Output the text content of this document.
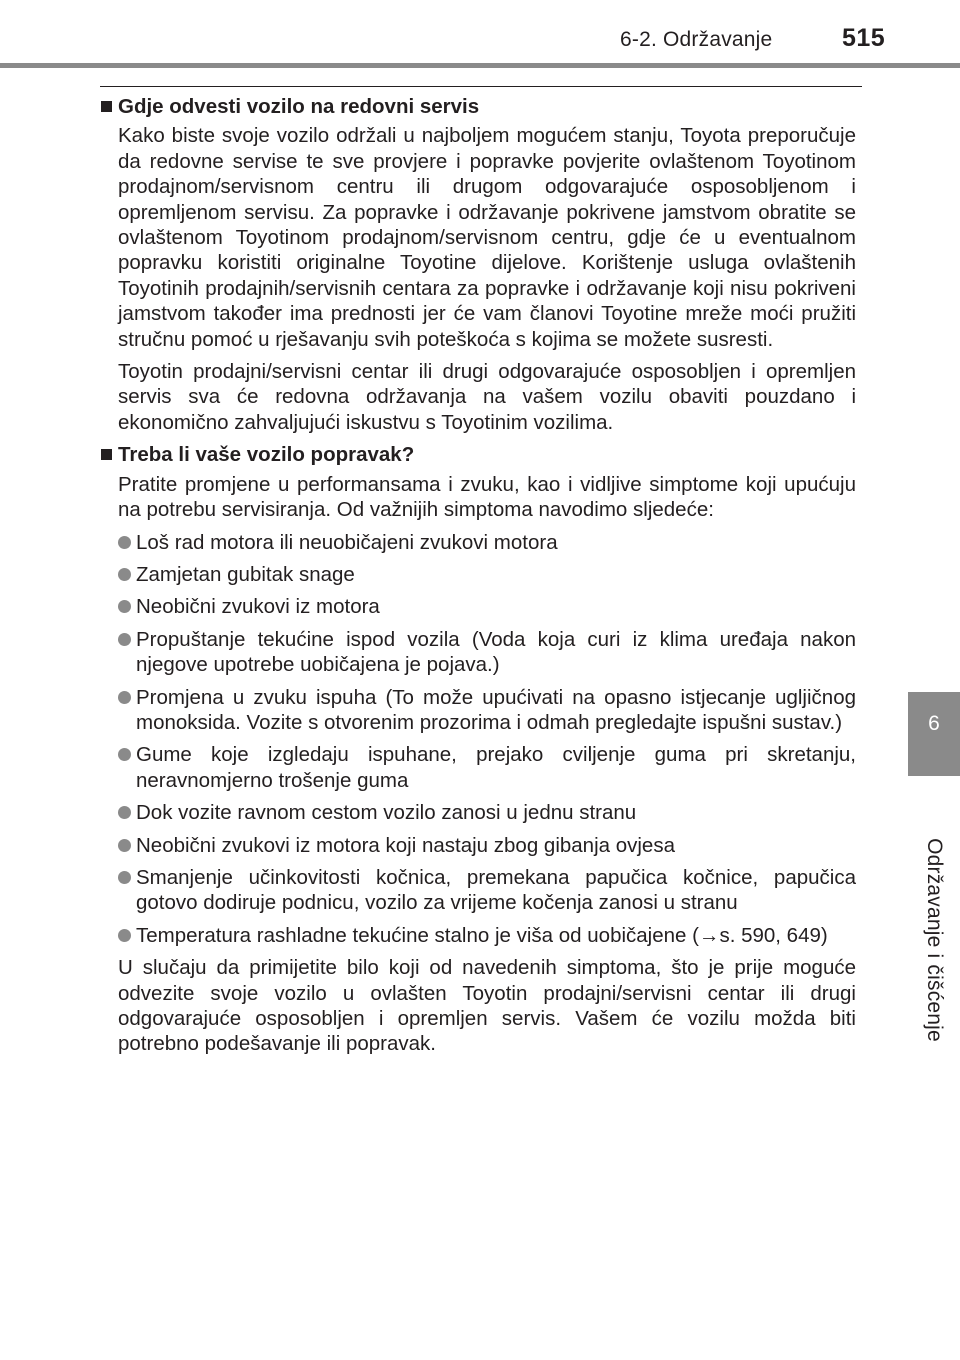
6-2. Održavanje	515
6
Održavanje i čišćenje
Gdje odvesti vozilo na redovni servis

Kako biste svoje vozilo održali u najboljem mogućem stanju, Toyota preporučuje da redovne servise te sve provjere i popravke povjerite ovlaštenom Toyotinom prodajnom/servisnom centru ili drugom odgovarajuće osposobljenom i opremljenom servisu. Za popravke i održavanje pokrivene jamstvom obratite se ovlaštenom Toyotinom prodajnom/servisnom centru, gdje će u eventualnom popravku koristiti originalne Toyotine dijelove. Korištenje usluga ovlaštenih Toyotinih prodajnih/servisnih centara za popravke i održavanje koji nisu pokriveni jamstvom također ima prednosti jer će vam članovi Toyotine mreže moći pružiti stručnu pomoć u rješavanju svih poteškoća s kojima se možete susresti.

Toyotin prodajni/servisni centar ili drugi odgovarajuće osposobljen i opremljen servis sva će redovna održavanja na vašem vozilu obaviti pouzdano i ekonomično zahvaljujući iskustvu s Toyotinim vozilima.

Treba li vaše vozilo popravak?

Pratite promjene u performansama i zvuku, kao i vidljive simptome koji upućuju na potrebu servisiranja. Od važnijih simptoma navodimo sljedeće:

Loš rad motora ili neuobičajeni zvukovi motora
Zamjetan gubitak snage
Neobični zvukovi iz motora
Propuštanje tekućine ispod vozila (Voda koja curi iz klima uređaja nakon njegove upotrebe uobičajena je pojava.)
Promjena u zvuku ispuha (To može upućivati na opasno istjecanje ugljičnog monoksida. Vozite s otvorenim prozorima i odmah pregledajte ispušni sustav.)
Gume koje izgledaju ispuhane, prejako cviljenje guma pri skretanju, neravnomjerno trošenje guma
Dok vozite ravnom cestom vozilo zanosi u jednu stranu
Neobični zvukovi iz motora koji nastaju zbog gibanja ovjesa
Smanjenje učinkovitosti kočnica, premekana papučica kočnice, papučica gotovo dodiruje podnicu, vozilo za vrijeme kočenja zanosi u stranu
Temperatura rashladne tekućine stalno je viša od uobičajene (→s. 590, 649)

U slučaju da primijetite bilo koji od navedenih simptoma, što je prije moguće odvezite svoje vozilo u ovlašten Toyotin prodajni/servisni centar ili drugi odgovarajuće osposobljen i opremljen servis. Vašem će vozilu možda biti potrebno podešavanje ili popravak.
